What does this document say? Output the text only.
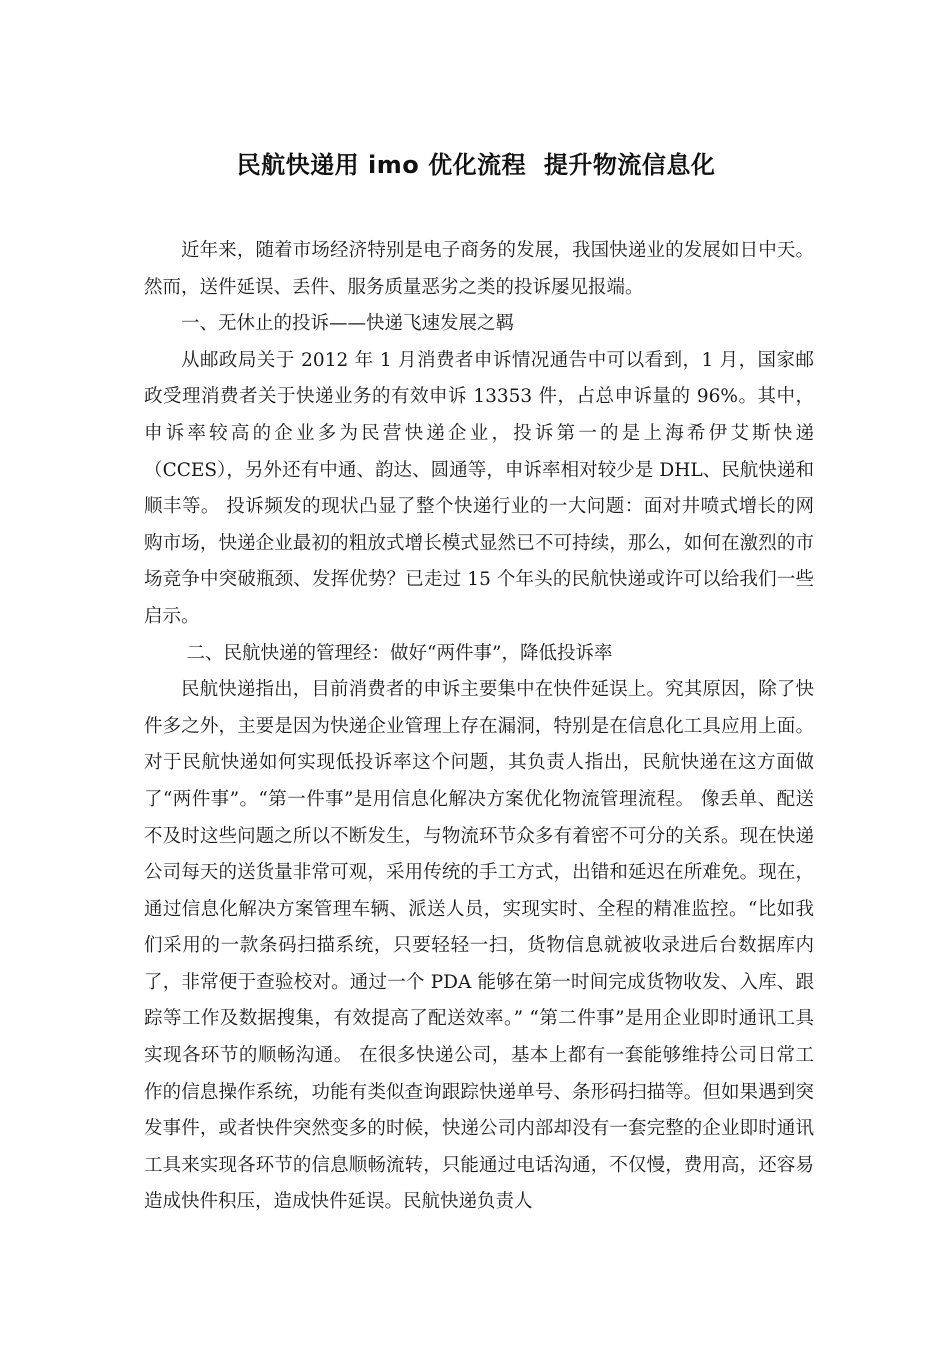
民航快递用 imo 优化流程  提升物流信息化

近年来，随着市场经济特别是电子商务的发展，我国快递业的发展如日中天。然而，送件延误、丢件、服务质量恶劣之类的投诉屡见报端。

一、无休止的投诉——快递飞速发展之羁

从邮政局关于 2012 年 1 月消费者申诉情况通告中可以看到，1 月，国家邮政受理消费者关于快递业务的有效申诉 13353 件，占总申诉量的 96%。其中，申诉率较高的企业多为民营快递企业，投诉第一的是上海希伊艾斯快递（CCES），另外还有中通、韵达、圆通等，申诉率相对较少是 DHL、民航快递和顺丰等。 投诉频发的现状凸显了整个快递行业的一大问题：面对井喷式增长的网购市场，快递企业最初的粗放式增长模式显然已不可持续，那么，如何在激烈的市场竞争中突破瓶颈、发挥优势？已走过 15 个年头的民航快递或许可以给我们一些启示。

二、民航快递的管理经：做好“两件事”，降低投诉率

民航快递指出，目前消费者的申诉主要集中在快件延误上。究其原因，除了快件多之外，主要是因为快递企业管理上存在漏洞，特别是在信息化工具应用上面。 对于民航快递如何实现低投诉率这个问题，其负责人指出，民航快递在这方面做了“两件事”。“第一件事”是用信息化解决方案优化物流管理流程。 像丢单、配送不及时这些问题之所以不断发生，与物流环节众多有着密不可分的关系。现在快递公司每天的送货量非常可观，采用传统的手工方式，出错和延迟在所难免。现在，通过信息化解决方案管理车辆、派送人员，实现实时、全程的精准监控。“比如我们采用的一款条码扫描系统，只要轻轻一扫，货物信息就被收录进后台数据库内了，非常便于查验校对。通过一个 PDA 能够在第一时间完成货物收发、入库、跟踪等工作及数据搜集，有效提高了配送效率。” “第二件事”是用企业即时通讯工具实现各环节的顺畅沟通。 在很多快递公司，基本上都有一套能够维持公司日常工作的信息操作系统，功能有类似查询跟踪快递单号、条形码扫描等。但如果遇到突发事件，或者快件突然变多的时候，快递公司内部却没有一套完整的企业即时通讯工具来实现各环节的信息顺畅流转，只能通过电话沟通，不仅慢，费用高，还容易造成快件积压，造成快件延误。民航快递负责人
